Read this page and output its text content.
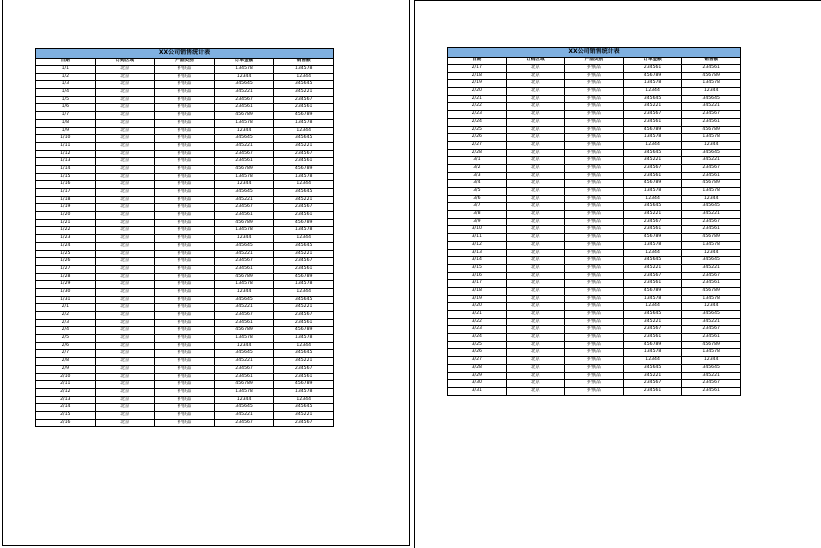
XX公司销售统计表				
日期	订购区域	产品类别	订单金额	销售额
1/1	北京	护肤品	134578	134578
1/2	北京	护肤品	12344	12344
1/3	北京	护肤品	345645	345645
1/4	北京	护肤品	345221	345221
1/5	北京	护肤品	234567	234567
1/6	北京	护肤品	234561	234561
1/7	北京	护肤品	456789	456789
1/8	北京	护肤品	134578	134578
1/9	北京	护肤品	12344	12344
1/10	北京	护肤品	345645	345645
1/11	北京	护肤品	345221	345221
1/12	北京	护肤品	234567	234567
1/13	北京	护肤品	234561	234561
1/14	北京	护肤品	456789	456789
1/15	北京	护肤品	134578	134578
1/16	北京	护肤品	12344	12344
1/17	北京	护肤品	345645	345645
1/18	北京	护肤品	345221	345221
1/19	北京	护肤品	234567	234567
1/20	北京	护肤品	234561	234561
1/21	北京	护肤品	456789	456789
1/22	北京	护肤品	134578	134578
1/23	北京	护肤品	12344	12344
1/24	北京	护肤品	345645	345645
1/25	北京	护肤品	345221	345221
1/26	北京	护肤品	234567	234567
1/27	北京	护肤品	234561	234561
1/28	北京	护肤品	456789	456789
1/29	北京	护肤品	134578	134578
1/30	北京	护肤品	12344	12344
1/31	北京	护肤品	345645	345645
2/1	北京	护肤品	345221	345221
2/2	北京	护肤品	234567	234567
2/3	北京	护肤品	234561	234561
2/4	北京	护肤品	456789	456789
2/5	北京	护肤品	134578	134578
2/6	北京	护肤品	12344	12344
2/7	北京	护肤品	345645	345645
2/8	北京	护肤品	345221	345221
2/9	北京	护肤品	234567	234567
2/10	北京	护肤品	234561	234561
2/11	北京	护肤品	456789	456789
2/12	北京	护肤品	134578	134578
2/13	北京	护肤品	12344	12344
2/14	北京	护肤品	345645	345645
2/15	北京	护肤品	345221	345221
2/16	北京	护肤品	234567	234567
XX公司销售统计表				
日期	订购区域	产品类别	订单金额	销售额
2/17	北京	护肤品	234561	234561
2/18	北京	护肤品	456789	456789
2/19	北京	护肤品	134578	134578
2/20	北京	护肤品	12344	12344
2/21	北京	护肤品	345645	345645
2/22	北京	护肤品	345221	345221
2/23	北京	护肤品	234567	234567
2/24	北京	护肤品	234561	234561
2/25	北京	护肤品	456789	456789
2/26	北京	护肤品	134578	134578
2/27	北京	护肤品	12344	12344
2/28	北京	护肤品	345645	345645
3/1	北京	护肤品	345221	345221
3/2	北京	护肤品	234567	234567
3/3	北京	护肤品	234561	234561
3/4	北京	护肤品	456789	456789
3/5	北京	护肤品	134578	134578
3/6	北京	护肤品	12344	12344
3/7	北京	护肤品	345645	345645
3/8	北京	护肤品	345221	345221
3/9	北京	护肤品	234567	234567
3/10	北京	护肤品	234561	234561
3/11	北京	护肤品	456789	456789
3/12	北京	护肤品	134578	134578
3/13	北京	护肤品	12344	12344
3/14	北京	护肤品	345645	345645
3/15	北京	护肤品	345221	345221
3/16	北京	护肤品	234567	234567
3/17	北京	护肤品	234561	234561
3/18	北京	护肤品	456789	456789
3/19	北京	护肤品	134578	134578
3/20	北京	护肤品	12344	12344
3/21	北京	护肤品	345645	345645
3/22	北京	护肤品	345221	345221
3/23	北京	护肤品	234567	234567
3/24	北京	护肤品	234561	234561
3/25	北京	护肤品	456789	456789
3/26	北京	护肤品	134578	134578
3/27	北京	护肤品	12344	12344
3/28	北京	护肤品	345645	345645
3/29	北京	护肤品	345221	345221
3/30	北京	护肤品	234567	234567
3/31	北京	护肤品	234561	234561
